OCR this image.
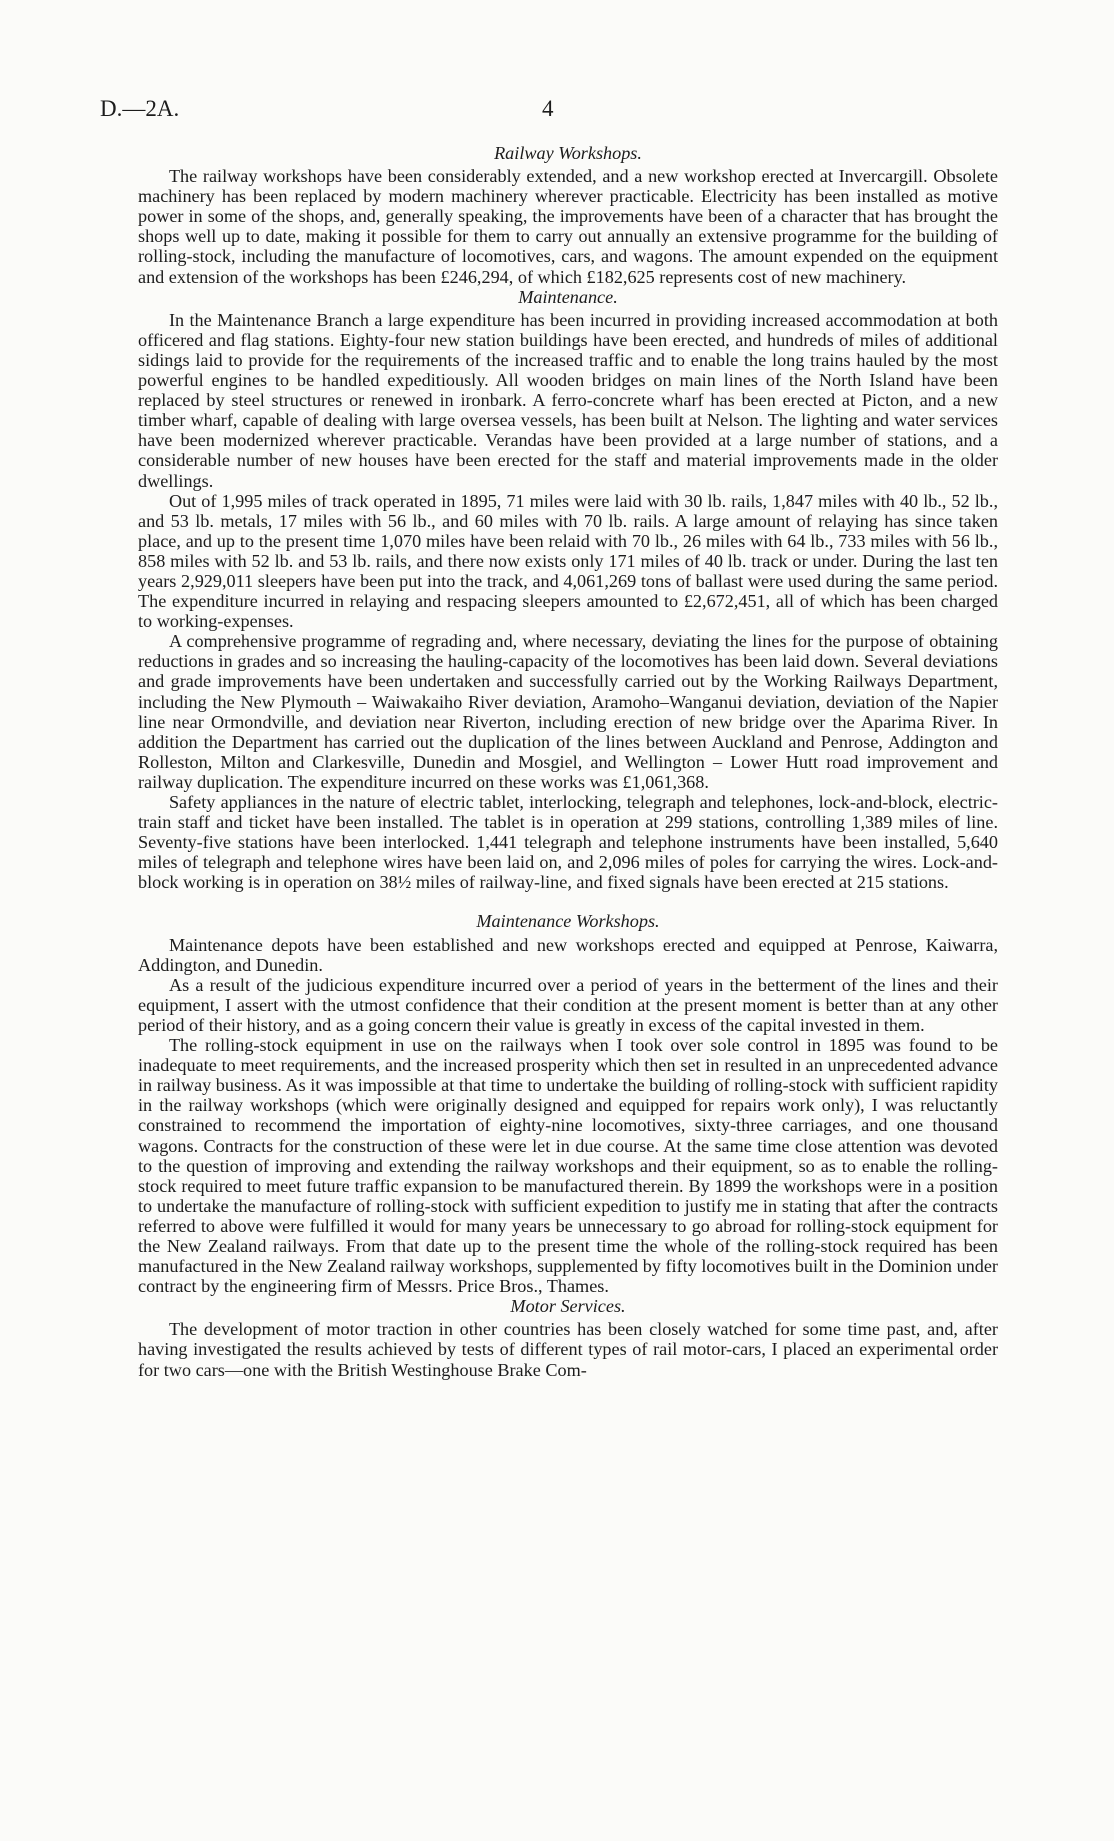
D.—2A.	4
Railway Workshops.

The railway workshops have been considerably extended, and a new workshop erected at Invercargill. Obsolete machinery has been replaced by modern machinery wherever practicable. Electricity has been installed as motive power in some of the shops, and, generally speaking, the improvements have been of a character that has brought the shops well up to date, making it possible for them to carry out annually an extensive programme for the building of rolling-stock, including the manufacture of locomotives, cars, and wagons. The amount expended on the equipment and extension of the workshops has been £246,294, of which £182,625 represents cost of new machinery.

Maintenance.

In the Maintenance Branch a large expenditure has been incurred in providing increased accommodation at both officered and flag stations. Eighty-four new station buildings have been erected, and hundreds of miles of additional sidings laid to provide for the requirements of the increased traffic and to enable the long trains hauled by the most powerful engines to be handled expeditiously. All wooden bridges on main lines of the North Island have been replaced by steel structures or renewed in ironbark. A ferro-concrete wharf has been erected at Picton, and a new timber wharf, capable of dealing with large oversea vessels, has been built at Nelson. The lighting and water services have been modernized wherever practicable. Verandas have been provided at a large number of stations, and a considerable number of new houses have been erected for the staff and material improvements made in the older dwellings.

Out of 1,995 miles of track operated in 1895, 71 miles were laid with 30 lb. rails, 1,847 miles with 40 lb., 52 lb., and 53 lb. metals, 17 miles with 56 lb., and 60 miles with 70 lb. rails. A large amount of relaying has since taken place, and up to the present time 1,070 miles have been relaid with 70 lb., 26 miles with 64 lb., 733 miles with 56 lb., 858 miles with 52 lb. and 53 lb. rails, and there now exists only 171 miles of 40 lb. track or under. During the last ten years 2,929,011 sleepers have been put into the track, and 4,061,269 tons of ballast were used during the same period. The expenditure incurred in relaying and respacing sleepers amounted to £2,672,451, all of which has been charged to working-expenses.

A comprehensive programme of regrading and, where necessary, deviating the lines for the purpose of obtaining reductions in grades and so increasing the hauling-capacity of the locomotives has been laid down. Several deviations and grade improvements have been undertaken and successfully carried out by the Working Railways Department, including the New Plymouth – Waiwakaiho River deviation, Aramoho–Wanganui deviation, deviation of the Napier line near Ormondville, and deviation near Riverton, including erection of new bridge over the Aparima River. In addition the Department has carried out the duplication of the lines between Auckland and Penrose, Addington and Rolleston, Milton and Clarkesville, Dunedin and Mosgiel, and Wellington – Lower Hutt road improvement and railway duplication. The expenditure incurred on these works was £1,061,368.

Safety appliances in the nature of electric tablet, interlocking, telegraph and telephones, lock-and-block, electric-train staff and ticket have been installed. The tablet is in operation at 299 stations, controlling 1,389 miles of line. Seventy-five stations have been interlocked. 1,441 telegraph and telephone instruments have been installed, 5,640 miles of telegraph and telephone wires have been laid on, and 2,096 miles of poles for carrying the wires. Lock-and-block working is in operation on 38½ miles of railway-line, and fixed signals have been erected at 215 stations.

Maintenance Workshops.

Maintenance depots have been established and new workshops erected and equipped at Penrose, Kaiwarra, Addington, and Dunedin.

As a result of the judicious expenditure incurred over a period of years in the betterment of the lines and their equipment, I assert with the utmost confidence that their condition at the present moment is better than at any other period of their history, and as a going concern their value is greatly in excess of the capital invested in them.

The rolling-stock equipment in use on the railways when I took over sole control in 1895 was found to be inadequate to meet requirements, and the increased prosperity which then set in resulted in an unprecedented advance in railway business. As it was impossible at that time to undertake the building of rolling-stock with sufficient rapidity in the railway workshops (which were originally designed and equipped for repairs work only), I was reluctantly constrained to recommend the importation of eighty-nine locomotives, sixty-three carriages, and one thousand wagons. Contracts for the construction of these were let in due course. At the same time close attention was devoted to the question of improving and extending the railway workshops and their equipment, so as to enable the rolling-stock required to meet future traffic expansion to be manufactured therein. By 1899 the workshops were in a position to undertake the manufacture of rolling-stock with sufficient expedition to justify me in stating that after the contracts referred to above were fulfilled it would for many years be unnecessary to go abroad for rolling-stock equipment for the New Zealand railways. From that date up to the present time the whole of the rolling-stock required has been manufactured in the New Zealand railway workshops, supplemented by fifty locomotives built in the Dominion under contract by the engineering firm of Messrs. Price Bros., Thames.

Motor Services.

The development of motor traction in other countries has been closely watched for some time past, and, after having investigated the results achieved by tests of different types of rail motor-cars, I placed an experimental order for two cars—one with the British Westinghouse Brake Com-
